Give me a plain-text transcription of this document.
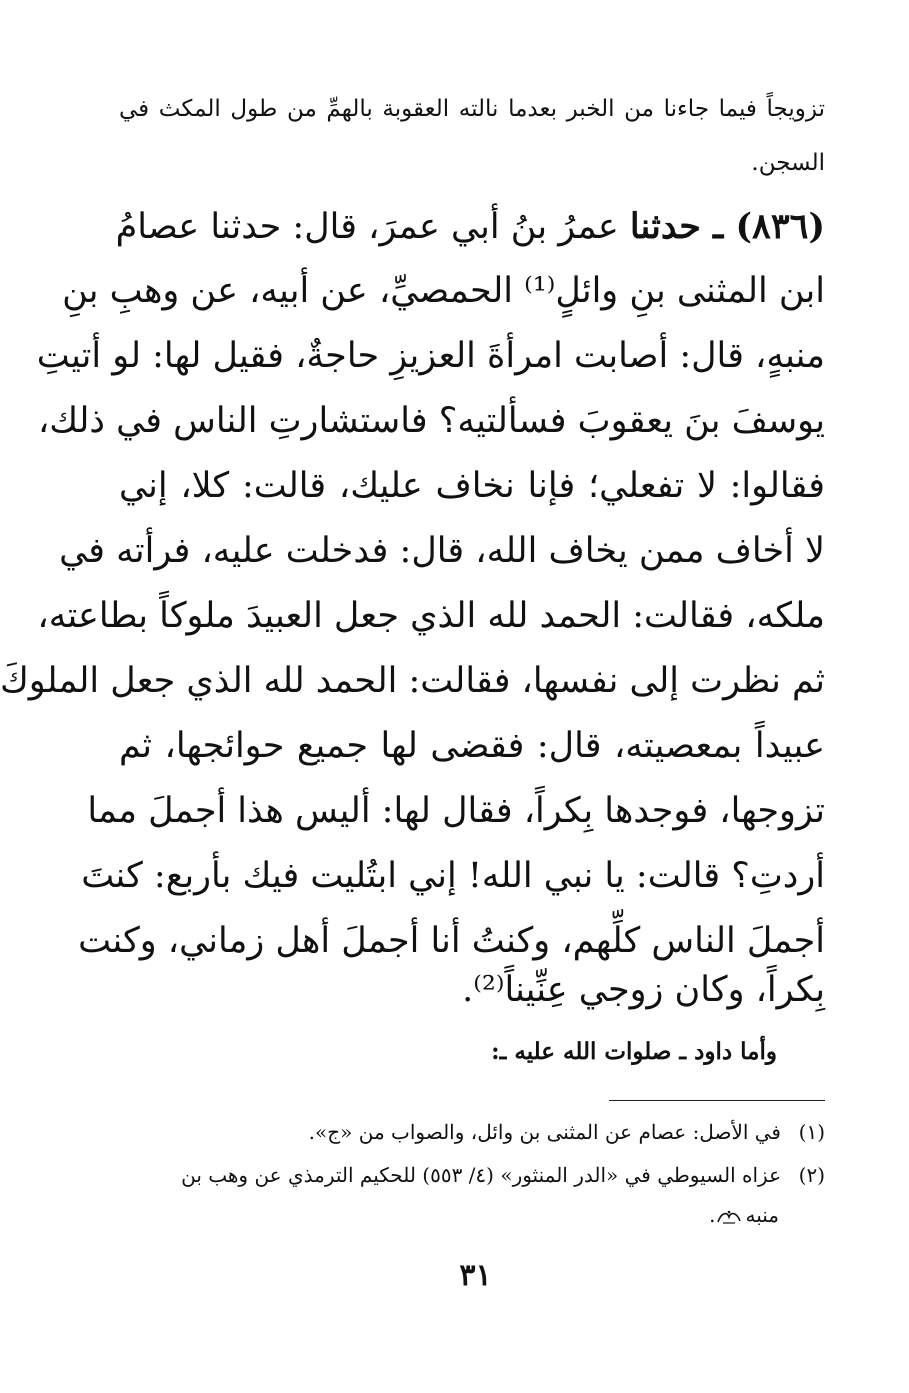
تزويجاً فيما جاءنا من الخبر بعدما نالته العقوبة بالهمِّ من طول المكث في
السجن.
(٨٣٦) ـ حدثنا عمرُ بنُ أبي عمرَ، قال: حدثنا عصامُ
ابن المثنى بنِ وائلٍ⁽¹⁾ الحمصيِّ، عن أبيه، عن وهبِ بنِ
منبهٍ، قال: أصابت امرأةَ العزيزِ حاجةٌ، فقيل لها: لو أتيتِ
يوسفَ بنَ يعقوبَ فسألتيه؟ فاستشارتِ الناس في ذلك،
فقالوا: لا تفعلي؛ فإنا نخاف عليك، قالت: كلا، إني
لا أخاف ممن يخاف الله، قال: فدخلت عليه، فرأته في
ملكه، فقالت: الحمد لله الذي جعل العبيدَ ملوكاً بطاعته،
ثم نظرت إلى نفسها، فقالت: الحمد لله الذي جعل الملوكَ
عبيداً بمعصيته، قال: فقضى لها جميع حوائجها، ثم
تزوجها، فوجدها بِكراً، فقال لها: أليس هذا أجملَ مما
أردتِ؟ قالت: يا نبي الله! إني ابتُليت فيك بأربع: كنتَ
أجملَ الناس كلِّهم، وكنتُ أنا أجملَ أهل زماني، وكنت
بِكراً، وكان زوجي عِنِّيناً⁽²⁾.
وأما داود ـ صلوات الله عليه ـ:
(١)في الأصل: عصام عن المثنى بن وائل، والصواب من «ج».
(٢)عزاه السيوطي في «الدر المنثور» (٤/ ٥٥٣) للحكيم الترمذي عن وهب بن
منبه.
٣١
